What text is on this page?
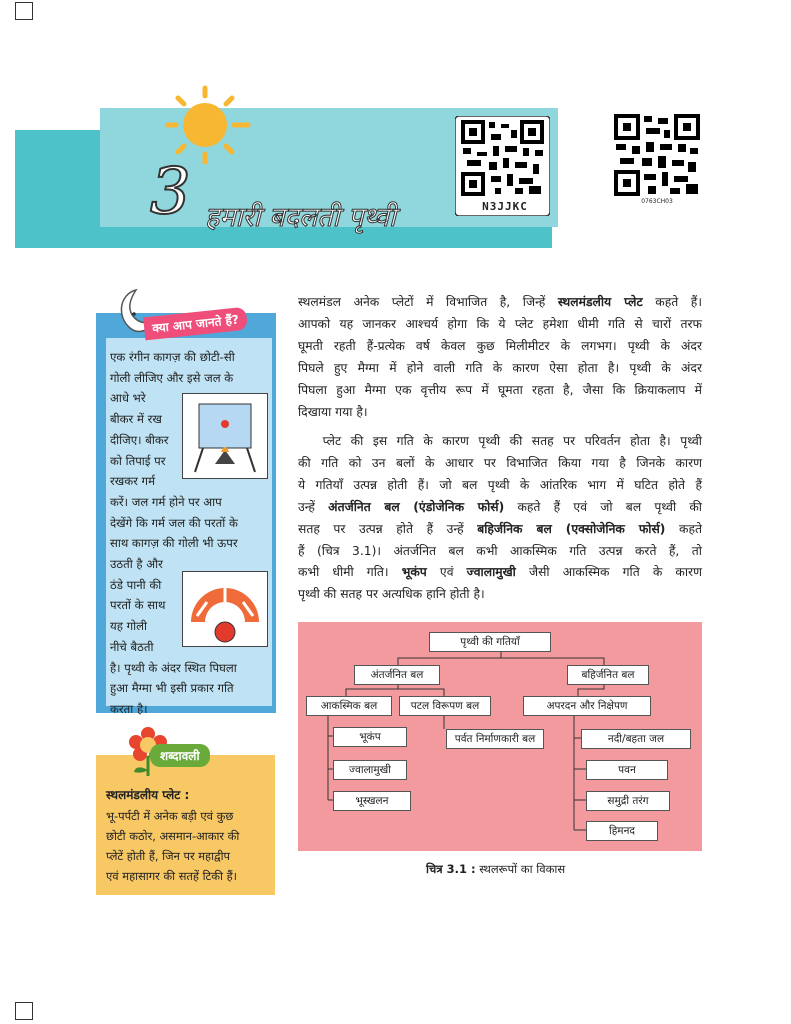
3 हमारी बदलती पृथ्वी	N3JJKC	0763CH03
क्या आप जानते हैं?
एक रंगीन कागज़ की छोटी-सी
गोली लीजिए और इसे जल के
आधे भरे
बीकर में रख
दीजिए। बीकर
को तिपाई पर
रखकर गर्म
करें। जल गर्म होने पर आप
देखेंगे कि गर्म जल की परतों के
साथ कागज़ की गोली भी ऊपर
उठती है और
ठंडे पानी की
परतों के साथ
यह गोली
नीचे बैठती
है। पृथ्वी के अंदर स्थित पिघला
हुआ मैग्मा भी इसी प्रकार गति
करता है।
शब्दावली
स्थलमंडलीय प्लेट :
भू-पर्पटी में अनेक बड़ी एवं कुछ
छोटी कठोर, असमान-आकार की
प्लेटें होती हैं, जिन पर महाद्वीप
एवं महासागर की सतहें टिकी हैं।
स्थलमंडल अनेक प्लेटों में विभाजित है, जिन्हें स्थलमंडलीय प्लेट कहते हैं।
आपको यह जानकर आश्चर्य होगा कि ये प्लेट हमेशा धीमी गति से चारों तरफ
घूमती रहती हैं-प्रत्येक वर्ष केवल कुछ मिलीमीटर के लगभग। पृथ्वी के अंदर
पिघले हुए मैग्मा में होने वाली गति के कारण ऐसा होता है। पृथ्वी के अंदर
पिघला हुआ मैग्मा एक वृत्तीय रूप में घूमता रहता है, जैसा कि क्रियाकलाप में
दिखाया गया है।
  प्लेट की इस गति के कारण पृथ्वी की सतह पर परिवर्तन होता है। पृथ्वी
की गति को उन बलों के आधार पर विभाजित किया गया है जिनके कारण
ये गतियाँ उत्पन्न होती हैं। जो बल पृथ्वी के आंतरिक भाग में घटित होते हैं
उन्हें अंतर्जनित बल (एंडोजेनिक फोर्स) कहते हैं एवं जो बल पृथ्वी की
सतह पर उत्पन्न होते हैं उन्हें बहिर्जनिक बल (एक्सोजेनिक फोर्स) कहते
हैं (चित्र 3.1)। अंतर्जनित बल कभी आकस्मिक गति उत्पन्न करते हैं, तो
कभी धीमी गति। भूकंप एवं ज्वालामुखी जैसी आकस्मिक गति के कारण
पृथ्वी की सतह पर अत्यधिक हानि होती है।
पृथ्वी की गतियाँ
अंतर्जनित बल	बहिर्जनित बल
आकस्मिक बल	पटल विरूपण बल	अपरदन और निक्षेपण
भूकंप	पर्वत निर्माणकारी बल
ज्वालामुखी
भूस्खलन
नदी/बहता जल
पवन
समुद्री तरंग
हिमनद
चित्र 3.1 : स्थलरूपों का विकास
